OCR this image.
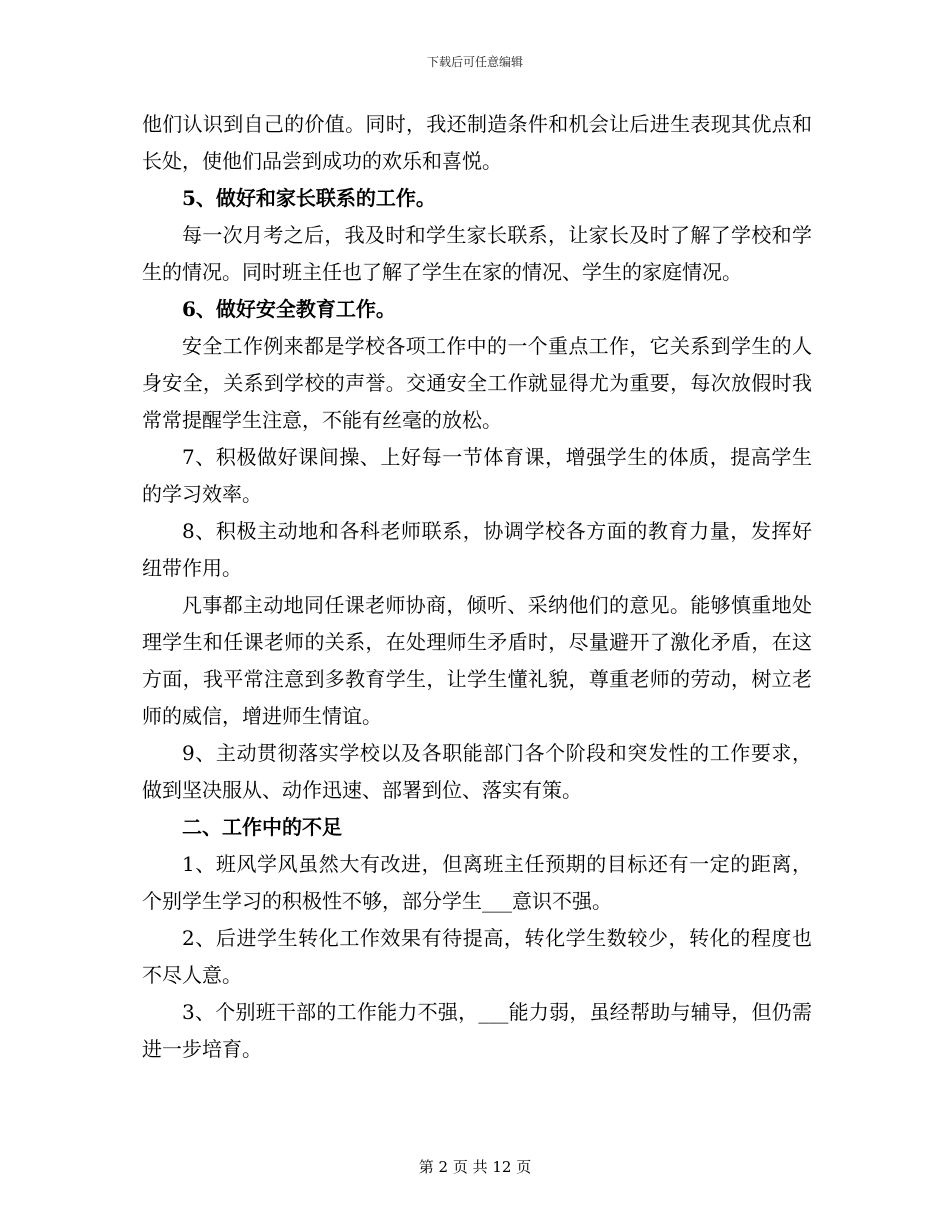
下载后可任意编辑

他们认识到自己的价值。同时，我还制造条件和机会让后进生表现其优点和长处，使他们品尝到成功的欢乐和喜悦。

5、做好和家长联系的工作。

每一次月考之后，我及时和学生家长联系，让家长及时了解了学校和学生的情况。同时班主任也了解了学生在家的情况、学生的家庭情况。

6、做好安全教育工作。

安全工作例来都是学校各项工作中的一个重点工作，它关系到学生的人身安全，关系到学校的声誉。交通安全工作就显得尤为重要，每次放假时我常常提醒学生注意，不能有丝毫的放松。

7、积极做好课间操、上好每一节体育课，增强学生的体质，提高学生的学习效率。

8、积极主动地和各科老师联系，协调学校各方面的教育力量，发挥好纽带作用。

凡事都主动地同任课老师协商，倾听、采纳他们的意见。能够慎重地处理学生和任课老师的关系，在处理师生矛盾时，尽量避开了激化矛盾，在这方面，我平常注意到多教育学生，让学生懂礼貌，尊重老师的劳动，树立老师的威信，增进师生情谊。

9、主动贯彻落实学校以及各职能部门各个阶段和突发性的工作要求，做到坚决服从、动作迅速、部署到位、落实有策。

二、工作中的不足

1、班风学风虽然大有改进，但离班主任预期的目标还有一定的距离，个别学生学习的积极性不够，部分学生___意识不强。

2、后进学生转化工作效果有待提高，转化学生数较少，转化的程度也不尽人意。

3、个别班干部的工作能力不强，___能力弱，虽经帮助与辅导，但仍需进一步培育。

第 2 页 共 12 页
